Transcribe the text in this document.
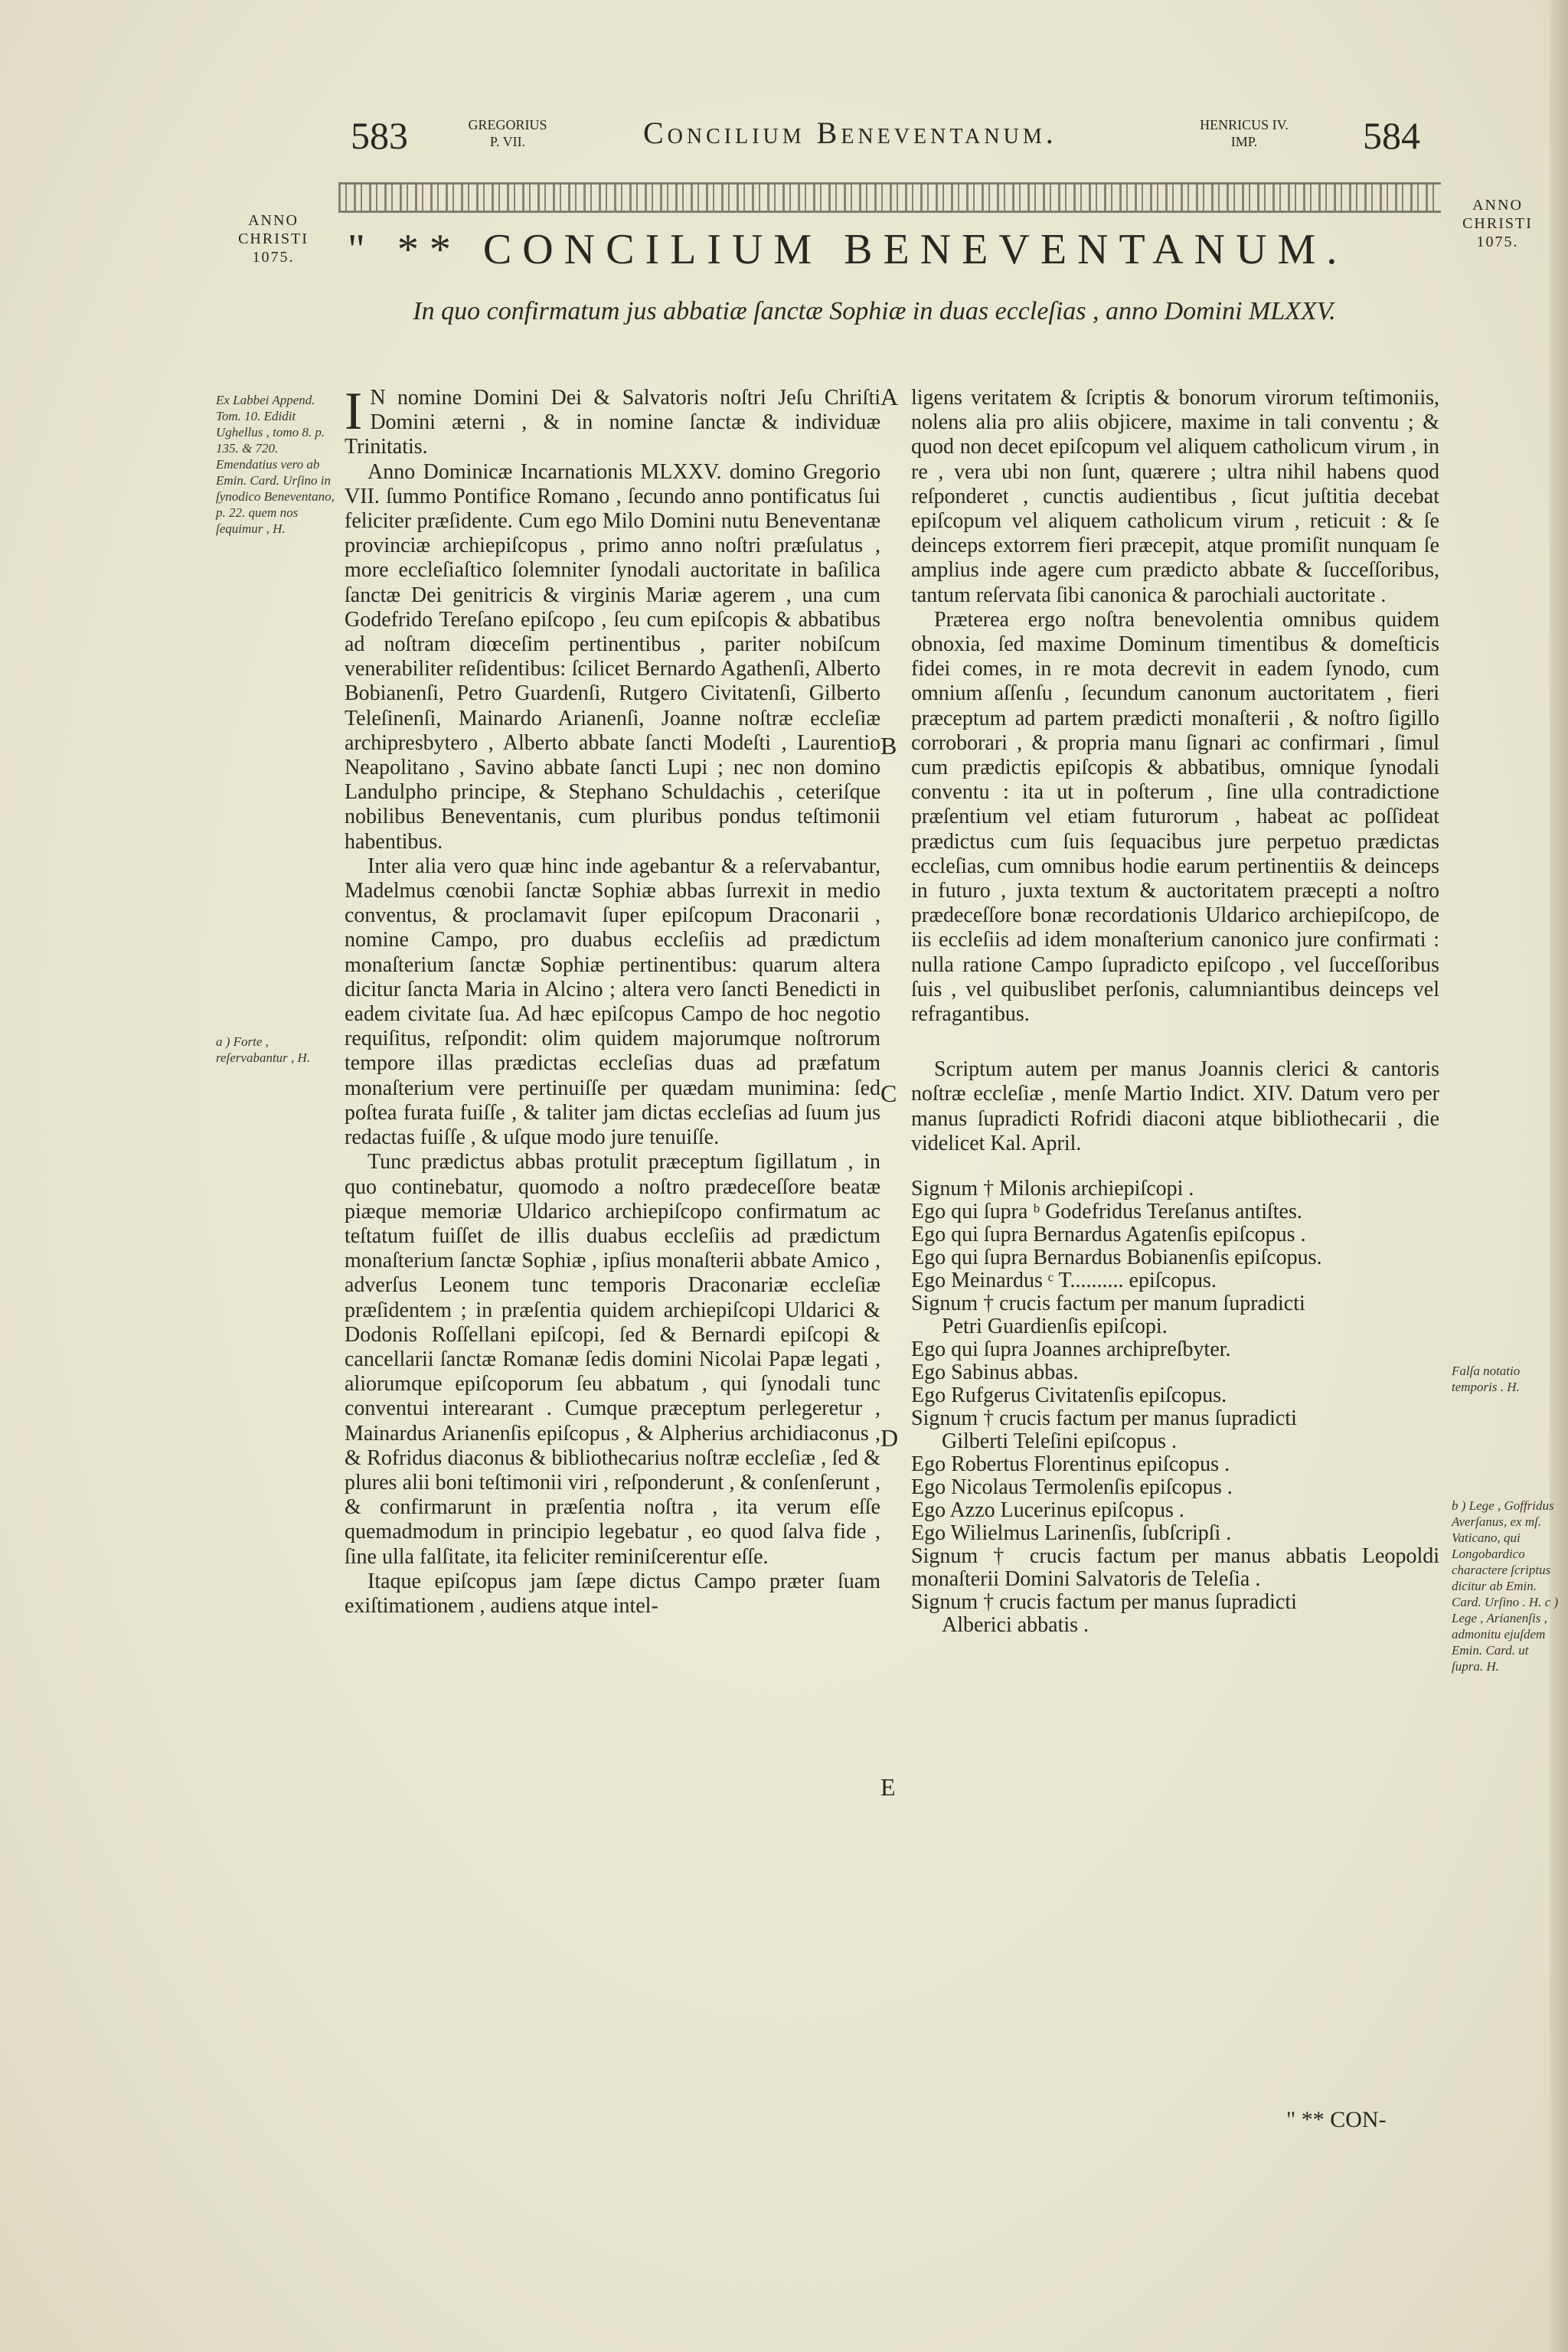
583	GREGORIUS
P. VII.	Concilium Beneventanum.	HENRICUS IV.
IMP.	584
ANNO
CHRISTI
1075.
ANNO
CHRISTI
1075.
" ** CONCILIUM BENEVENTANUM.
In quo confirmatum jus abbatiæ ſanctæ Sophiæ in duas eccleſias , anno Domini MLXXV.
Ex Labbei Append. Tom. 10. Edidit Ughellus , tomo 8. p. 135. & 720. Emendatius vero ab Emin. Card. Urſino in ſynodico Beneventano, p. 22. quem nos ſequimur , H.
a ) Forte , reſervabantur , H.
Falſa notatio temporis . H.
b ) Lege , Goffridus Averſanus, ex mſ. Vaticano, qui Longobardico charactere ſcriptus dicitur ab Emin. Card. Urſino . H. c ) Lege , Arianenſis , admonitu ejuſdem Emin. Card. ut ſupra. H.
A
B
C
D
E

I N nomine Domini Dei & Salvatoris noſtri Jeſu Chriſti Domini æterni , & in nomine ſanctæ & individuæ Trinitatis.

Anno Dominicæ Incarnationis MLXXV. domino Gregorio VII. ſummo Pontifice Romano , ſecundo anno pontificatus ſui feliciter præſidente. Cum ego Milo Domini nutu Beneventanæ provinciæ archiepiſcopus , primo anno noſtri præſulatus , more eccleſiaſtico ſolemniter ſynodali auctoritate in baſilica ſanctæ Dei genitricis & virginis Mariæ agerem , una cum Godefrido Tereſano epiſcopo , ſeu cum epiſcopis & abbatibus ad noſtram diœceſim pertinentibus , pariter nobiſcum venerabiliter reſidentibus: ſcilicet Bernardo Agathenſi, Alberto Bobianenſi, Petro Guardenſi, Rutgero Civitatenſi, Gilberto Teleſinenſi, Mainardo Arianenſi, Joanne noſtræ eccleſiæ archipresbytero , Alberto abbate ſancti Modeſti , Laurentio Neapolitano , Savino abbate ſancti Lupi ; nec non domino Landulpho principe, & Stephano Schuldachis , ceteriſque nobilibus Beneventanis, cum pluribus pondus teſtimonii habentibus.

Inter alia vero quæ hinc inde agebantur & a reſervabantur, Madelmus cœnobii ſanctæ Sophiæ abbas ſurrexit in medio conventus, & proclamavit ſuper epiſcopum Draconarii , nomine Campo, pro duabus eccleſiis ad prædictum monaſterium ſanctæ Sophiæ pertinentibus: quarum altera dicitur ſancta Maria in Alcino ; altera vero ſancti Benedicti in eadem civitate ſua. Ad hæc epiſcopus Campo de hoc negotio requiſitus, reſpondit: olim quidem majorumque noſtrorum tempore illas prædictas eccleſias duas ad præfatum monaſterium vere pertinuiſſe per quædam munimina: ſed poſtea furata fuiſſe , & taliter jam dictas eccleſias ad ſuum jus redactas fuiſſe , & uſque modo jure tenuiſſe.

Tunc prædictus abbas protulit præceptum ſigillatum , in quo continebatur, quomodo a noſtro prædeceſſore beatæ piæque memoriæ Uldarico archiepiſcopo confirmatum ac teſtatum fuiſſet de illis duabus eccleſiis ad prædictum monaſterium ſanctæ Sophiæ , ipſius monaſterii abbate Amico , adverſus Leonem tunc temporis Draconariæ eccleſiæ præſidentem ; in præſentia quidem archiepiſcopi Uldarici & Dodonis Roſſellani epiſcopi, ſed & Bernardi epiſcopi & cancellarii ſanctæ Romanæ ſedis domini Nicolai Papæ legati , aliorumque epiſcoporum ſeu abbatum , qui ſynodali tunc conventui interearant . Cumque præceptum perlegeretur , Mainardus Arianenſis epiſcopus , & Alpherius archidiaconus , & Rofridus diaconus & bibliothecarius noſtræ eccleſiæ , ſed & plures alii boni teſtimonii viri , reſponderunt , & conſenſerunt , & confirmarunt in præſentia noſtra , ita verum eſſe quemadmodum in principio legebatur , eo quod ſalva fide , ſine ulla falſitate, ita feliciter reminiſcerentur eſſe.

Itaque epiſcopus jam ſæpe dictus Campo præter ſuam exiſtimationem , audiens atque intel-

ligens veritatem & ſcriptis & bonorum virorum teſtimoniis, nolens alia pro aliis objicere, maxime in tali conventu ; & quod non decet epiſcopum vel aliquem catholicum virum , in re , vera ubi non ſunt, quærere ; ultra nihil habens quod reſponderet , cunctis audientibus , ſicut juſtitia decebat epiſcopum vel aliquem catholicum virum , reticuit : & ſe deinceps extorrem fieri præcepit, atque promiſit nunquam ſe amplius inde agere cum prædicto abbate & ſucceſſoribus, tantum reſervata ſibi canonica & parochiali auctoritate .

Præterea ergo noſtra benevolentia omnibus quidem obnoxia, ſed maxime Dominum timentibus & domeſticis fidei comes, in re mota decrevit in eadem ſynodo, cum omnium aſſenſu , ſecundum canonum auctoritatem , fieri præceptum ad partem prædicti monaſterii , & noſtro ſigillo corroborari , & propria manu ſignari ac confirmari , ſimul cum prædictis epiſcopis & abbatibus, omnique ſynodali conventu : ita ut in poſterum , ſine ulla contradictione præſentium vel etiam futurorum , habeat ac poſſideat prædictus cum ſuis ſequacibus jure perpetuo prædictas eccleſias, cum omnibus hodie earum pertinentiis & deinceps in futuro , juxta textum & auctoritatem præcepti a noſtro prædeceſſore bonæ recordationis Uldarico archiepiſcopo, de iis eccleſiis ad idem monaſterium canonico jure confirmati : nulla ratione Campo ſupradicto epiſcopo , vel ſucceſſoribus ſuis , vel quibuslibet perſonis, calumniantibus deinceps vel refragantibus.

Scriptum autem per manus Joannis clerici & cantoris noſtræ eccleſiæ , menſe Martio Indict. XIV. Datum vero per manus ſupradicti Rofridi diaconi atque bibliothecarii , die videlicet Kal. April.

Signum † Milonis archiepiſcopi .

Ego qui ſupra ᵇ Godefridus Tereſanus antiſtes.

Ego qui ſupra Bernardus Agatenſis epiſcopus .

Ego qui ſupra Bernardus Bobianenſis epiſcopus.

Ego Meinardus ᶜ T.......... epiſcopus.

Signum † crucis factum per manum ſupradicti

Petri Guardienſis epiſcopi.

Ego qui ſupra Joannes archipreſbyter.

Ego Sabinus abbas.

Ego Rufgerus Civitatenſis epiſcopus.

Signum † crucis factum per manus ſupradicti

Gilberti Teleſini epiſcopus .

Ego Robertus Florentinus epiſcopus .

Ego Nicolaus Termolenſis epiſcopus .

Ego Azzo Lucerinus epiſcopus .

Ego Wilielmus Larinenſis, ſubſcripſi .

Signum † crucis factum per manus abbatis Leopoldi monaſterii Domini Salvatoris de Teleſia .

Signum † crucis factum per manus ſupradicti

Alberici abbatis .

" ** CON-
